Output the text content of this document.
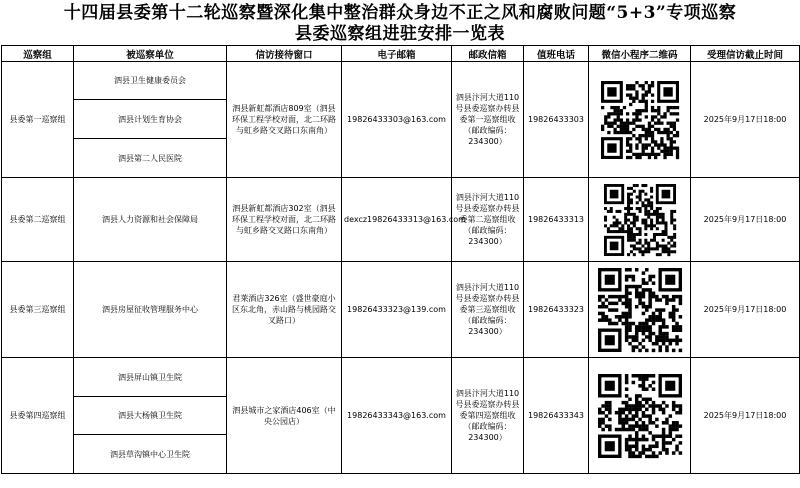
十四届县委第十二轮巡察暨深化集中整治群众身边不正之风和腐败问题“5+3”专项巡察
县委巡察组进驻安排一览表
巡察组	被巡察单位	信访接待窗口	电子邮箱	邮政信箱	值班电话	微信小程序二维码	受理信访截止时间
县委第一巡察组	泗县卫生健康委员会	泗县新虹都酒店809室（泗县环保工程学校对面，北二环路与虹乡路交叉路口东南角）	19826433303@163.com	泗县汴河大道110号县委巡察办转县委第一巡察组收（邮政编码：234300）	19826433303		2025年9月17日18:00
	泗县计划生育协会						
	泗县第二人民医院						
县委第二巡察组	泗县人力资源和社会保障局	泗县新虹都酒店302室（泗县环保工程学校对面，北二环路与虹乡路交叉路口东南角）	dexcz19826433313@163.com	泗县汴河大道110号县委巡察办转县委第二巡察组收（邮政编码：234300）	19826433313		2025年9月17日18:00
县委第三巡察组	泗县房屋征收管理服务中心	君莱酒店326室（盛世豪庭小区东北角，赤山路与桃园路交叉路口）	19826433323@139.com	泗县汴河大道110号县委巡察办转县委第三巡察组收（邮政编码：234300）	19826433323		2025年9月17日18:00
县委第四巡察组	泗县屏山镇卫生院	泗县城市之家酒店406室（中央公园店）	19826433343@163.com	泗县汴河大道110号县委巡察办转县委第四巡察组收（邮政编码：234300）	19826433343		2025年9月17日18:00
	泗县大杨镇卫生院						
	泗县草沟镇中心卫生院						
